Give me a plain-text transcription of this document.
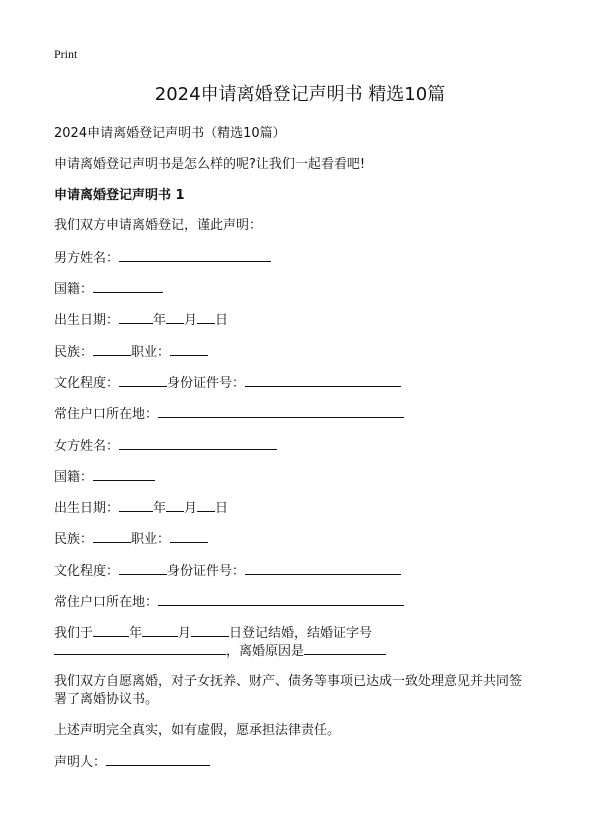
Print
2024申请离婚登记声明书 精选10篇
2024申请离婚登记声明书（精选10篇）
申请离婚登记声明书是怎么样的呢?让我们一起看看吧!
申请离婚登记声明书 1
我们双方申请离婚登记，谨此声明：
男方姓名：
国籍：
出生日期：	年 月 日
民族：	职业：
文化程度：	身份证件号：
常住户口所在地：
女方姓名：
国籍：
出生日期：	年 月 日
民族：	职业：
文化程度：	身份证件号：
常住户口所在地：
我们于	年	月	日登记结婚，结婚证字号
，离婚原因是
我们双方自愿离婚，对子女抚养、财产、债务等事项已达成一致处理意见并共同签
署了离婚协议书。
上述声明完全真实，如有虚假，愿承担法律责任。
声明人：
